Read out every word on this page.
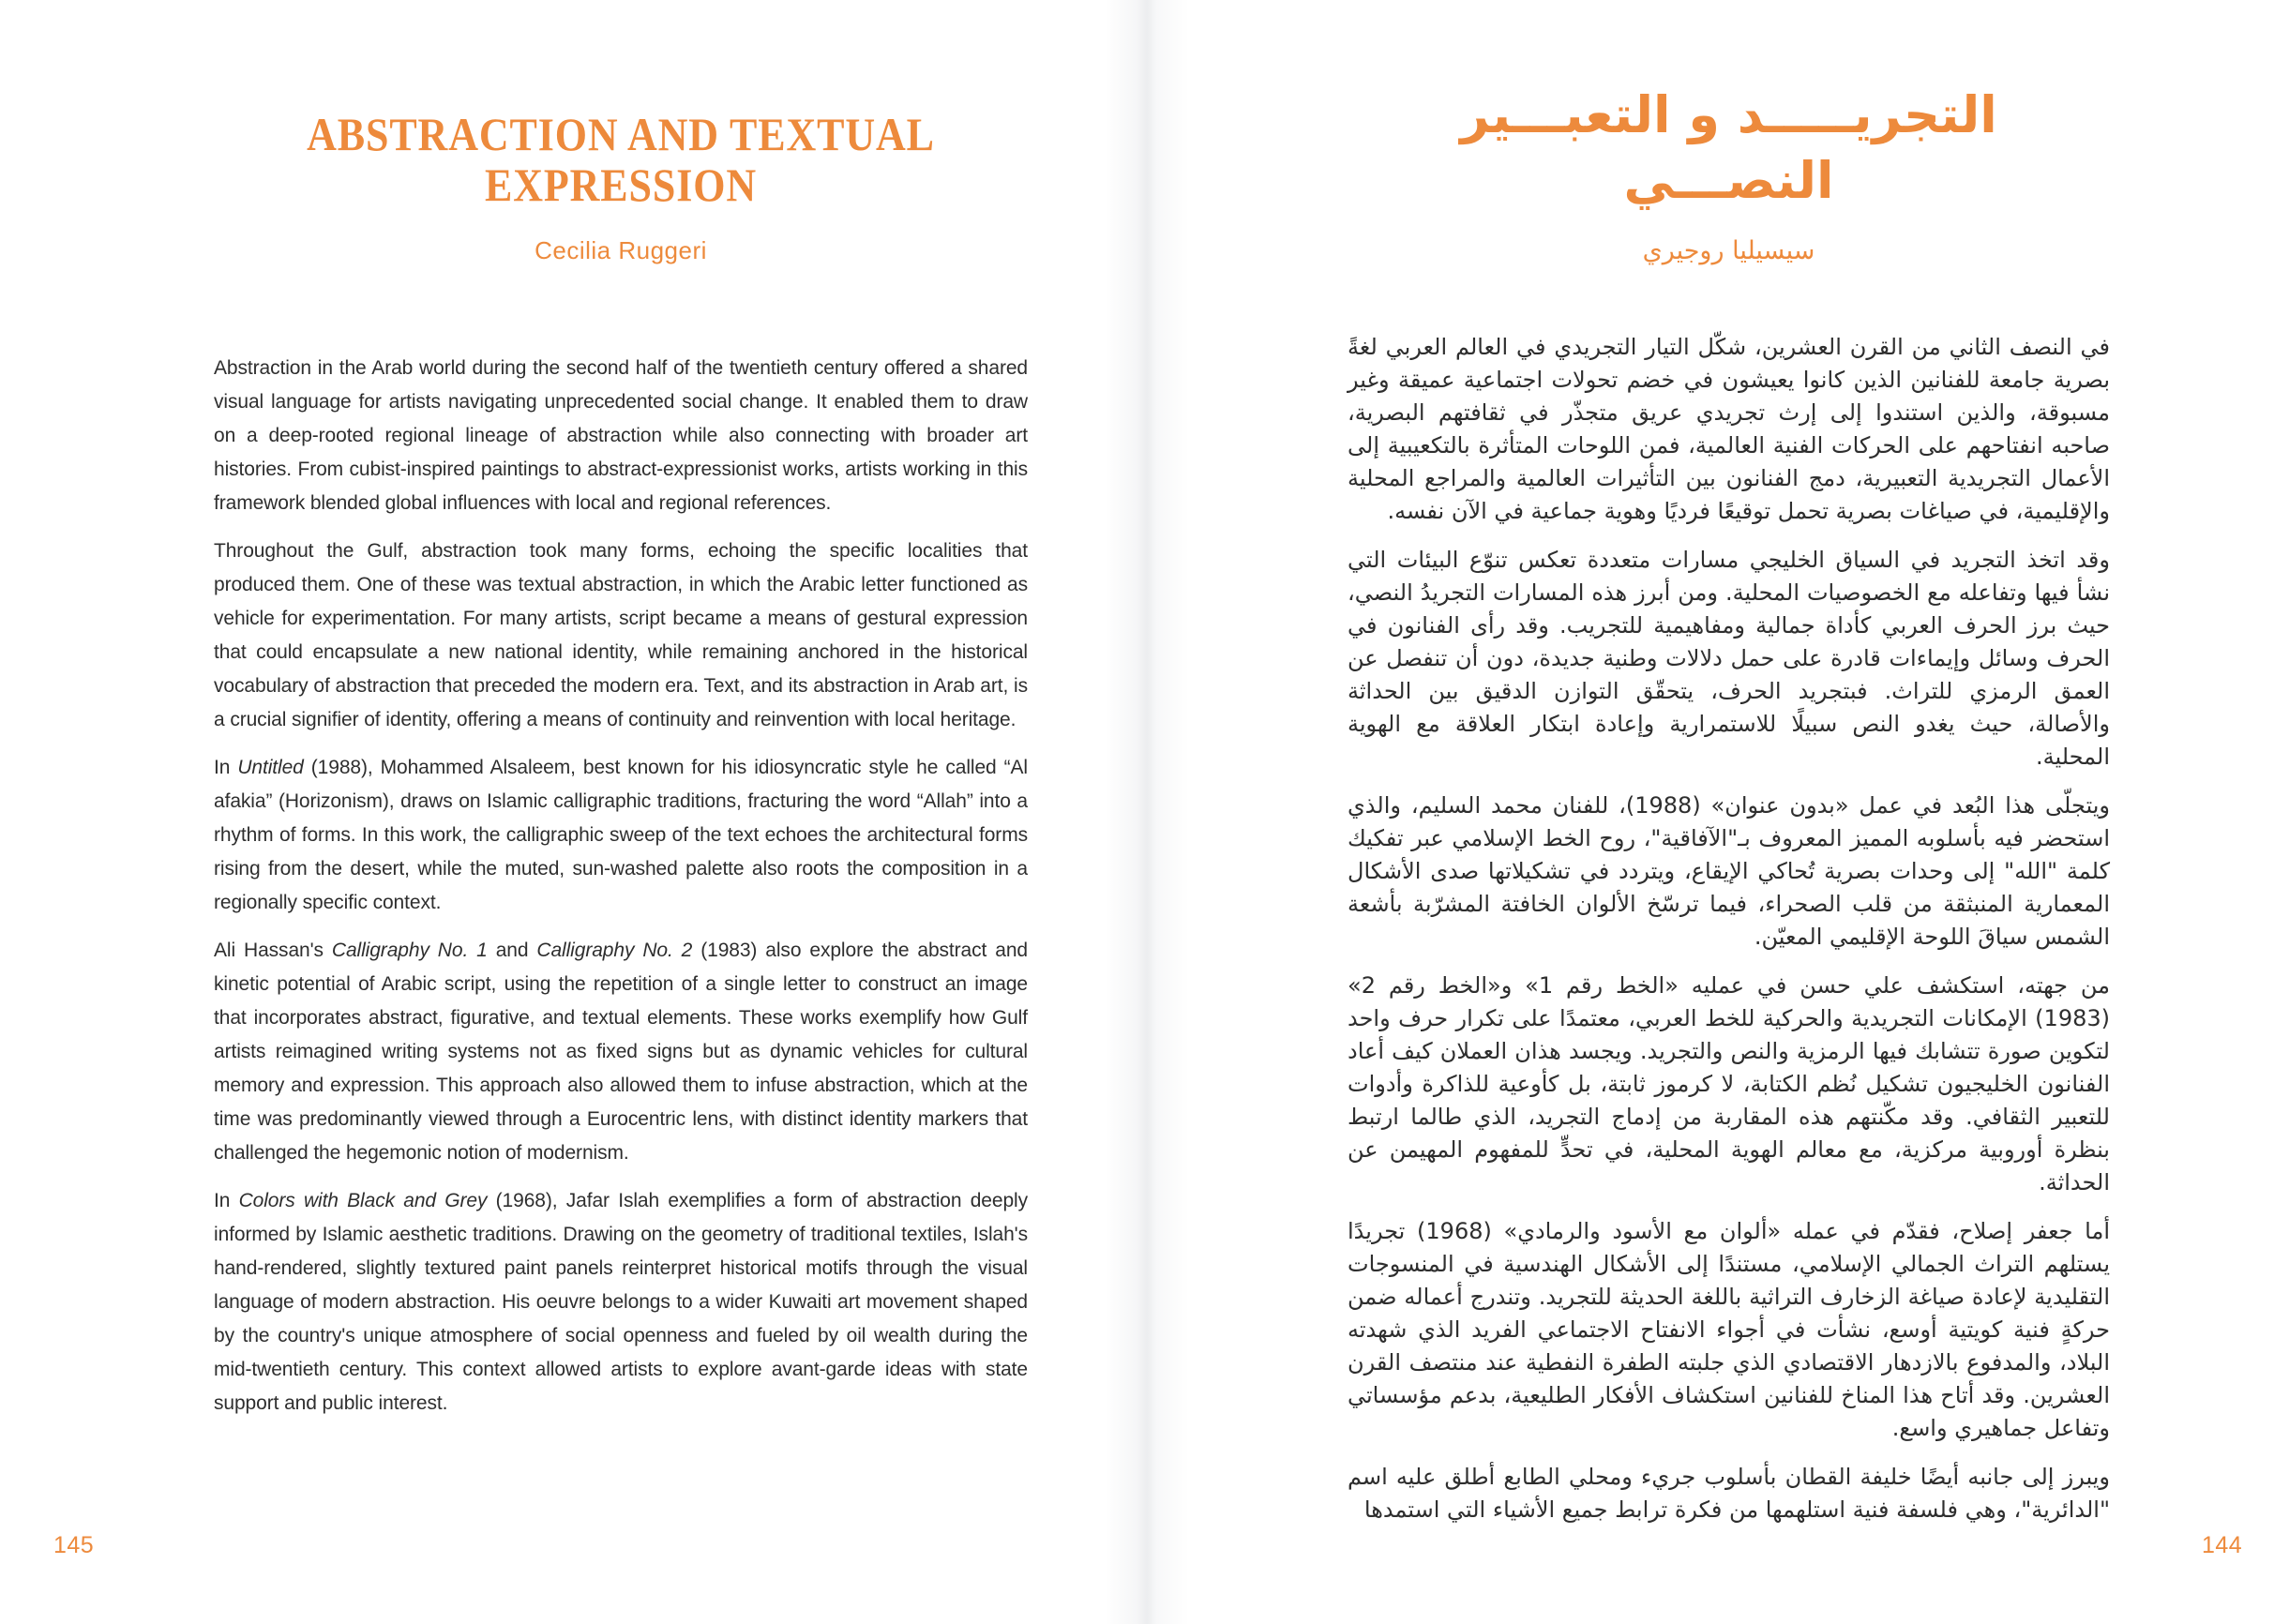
ABSTRACTION AND TEXTUAL EXPRESSION
Cecilia Ruggeri

Abstraction in the Arab world during the second half of the twentieth century offered a shared visual language for artists navigating unprecedented social change. It enabled them to draw on a deep-rooted regional lineage of abstraction while also connecting with broader art histories. From cubist-inspired paintings to abstract-expressionist works, artists working in this framework blended global influences with local and regional references.

Throughout the Gulf, abstraction took many forms, echoing the specific localities that produced them. One of these was textual abstraction, in which the Arabic letter functioned as vehicle for experimentation. For many artists, script became a means of gestural expression that could encapsulate a new national identity, while remaining anchored in the historical vocabulary of abstraction that preceded the modern era. Text, and its abstraction in Arab art, is a crucial signifier of identity, offering a means of continuity and reinvention with local heritage.

In Untitled (1988), Mohammed Alsaleem, best known for his idiosyncratic style he called “Al afakia” (Horizonism), draws on Islamic calligraphic traditions, fracturing the word “Allah” into a rhythm of forms. In this work, the calligraphic sweep of the text echoes the architectural forms rising from the desert, while the muted, sun-washed palette also roots the composition in a regionally specific context.

Ali Hassan's Calligraphy No. 1 and Calligraphy No. 2 (1983) also explore the abstract and kinetic potential of Arabic script, using the repetition of a single letter to construct an image that incorporates abstract, figurative, and textual elements. These works exemplify how Gulf artists reimagined writing systems not as fixed signs but as dynamic vehicles for cultural memory and expression. This approach also allowed them to infuse abstraction, which at the time was predominantly viewed through a Eurocentric lens, with distinct identity markers that challenged the hegemonic notion of modernism.

In Colors with Black and Grey (1968), Jafar Islah exemplifies a form of abstraction deeply informed by Islamic aesthetic traditions. Drawing on the geometry of traditional textiles, Islah's hand-rendered, slightly textured paint panels reinterpret historical motifs through the visual language of modern abstraction. His oeuvre belongs to a wider Kuwaiti art movement shaped by the country's unique atmosphere of social openness and fueled by oil wealth during the mid-twentieth century. This context allowed artists to explore avant-garde ideas with state support and public interest.

145
التجريـــــد و التعبـــير النصـــي
سيسيليا روجيري

في النصف الثاني من القرن العشرين، شكّل التيار التجريدي في العالم العربي لغةً بصرية جامعة للفنانين الذين كانوا يعيشون في خضم تحولات اجتماعية عميقة وغير مسبوقة، والذين استندوا إلى إرث تجريدي عريق متجذّر في ثقافتهم البصرية، صاحبه انفتاحهم على الحركات الفنية العالمية، فمن اللوحات المتأثرة بالتكعيبية إلى الأعمال التجريدية التعبيرية، دمج الفنانون بين التأثيرات العالمية والمراجع المحلية والإقليمية، في صياغات بصرية تحمل توقيعًا فرديًا وهوية جماعية في الآن نفسه.

وقد اتخذ التجريد في السياق الخليجي مسارات متعددة تعكس تنوّع البيئات التي نشأ فيها وتفاعله مع الخصوصيات المحلية. ومن أبرز هذه المسارات التجريدُ النصي، حيث برز الحرف العربي كأداة جمالية ومفاهيمية للتجريب. وقد رأى الفنانون في الحرف وسائل وإيماءات قادرة على حمل دلالات وطنية جديدة، دون أن تنفصل عن العمق الرمزي للتراث. فبتجريد الحرف، يتحقّق التوازن الدقيق بين الحداثة والأصالة، حيث يغدو النص سبيلًا للاستمرارية وإعادة ابتكار العلاقة مع الهوية المحلية.

ويتجلّى هذا البُعد في عمل «بدون عنوان» (1988)، للفنان محمد السليم، والذي استحضر فيه بأسلوبه المميز المعروف بـ"الآفاقية"، روح الخط الإسلامي عبر تفكيك كلمة "الله" إلى وحدات بصرية تُحاكي الإيقاع، ويتردد في تشكيلاتها صدى الأشكال المعمارية المنبثقة من قلب الصحراء، فيما ترسّخ الألوان الخافتة المشرّبة بأشعة الشمس سياقَ اللوحة الإقليمي المعيّن.

من جهته، استكشف علي حسن في عمليه «الخط رقم 1» و«الخط رقم 2» (1983) الإمكانات التجريدية والحركية للخط العربي، معتمدًا على تكرار حرف واحد لتكوين صورة تتشابك فيها الرمزية والنص والتجريد. ويجسد هذان العملان كيف أعاد الفنانون الخليجيون تشكيل نُظم الكتابة، لا كرموز ثابتة، بل كأوعية للذاكرة وأدوات للتعبير الثقافي. وقد مكّنتهم هذه المقاربة من إدماج التجريد، الذي طالما ارتبط بنظرة أوروبية مركزية، مع معالم الهوية المحلية، في تحدٍّ للمفهوم المهيمن عن الحداثة.

أما جعفر إصلاح، فقدّم في عمله «ألوان مع الأسود والرمادي» (1968) تجريدًا يستلهم التراث الجمالي الإسلامي، مستندًا إلى الأشكال الهندسية في المنسوجات التقليدية لإعادة صياغة الزخارف التراثية باللغة الحديثة للتجريد. وتندرج أعماله ضمن حركةٍ فنية كويتية أوسع، نشأت في أجواء الانفتاح الاجتماعي الفريد الذي شهدته البلاد، والمدفوع بالازدهار الاقتصادي الذي جلبته الطفرة النفطية عند منتصف القرن العشرين. وقد أتاح هذا المناخ للفنانين استكشاف الأفكار الطليعية، بدعم مؤسساتي وتفاعل جماهيري واسع.

ويبرز إلى جانبه أيضًا خليفة القطان بأسلوب جريء ومحلي الطابع أطلق عليه اسم "الدائرية"، وهي فلسفة فنية استلهمها من فكرة ترابط جميع الأشياء التي استمدها

144
